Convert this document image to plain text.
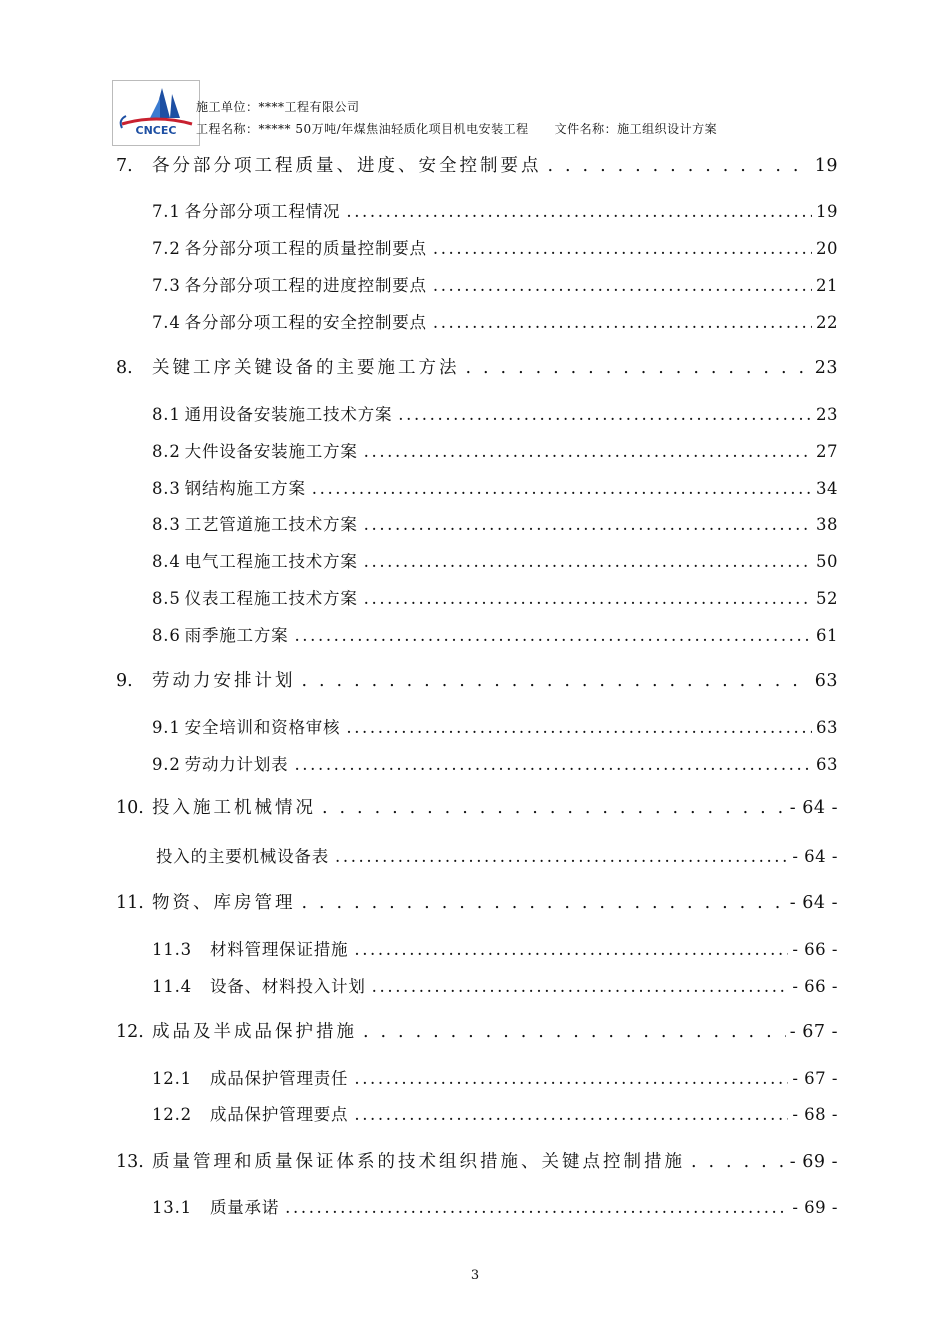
CNCEC
施工单位：****工程有限公司
工程名称：***** 50万吨/年煤焦油轻质化项目机电安装工程 文件名称：施工组织设计方案
7.	各分部分项工程质量、进度、安全控制要点 . . .	19
7.1 各分部分项工程情况 .....	19
7.2 各分部分项工程的质量控制要点 .....	20
7.3 各分部分项工程的进度控制要点 .....	21
7.4 各分部分项工程的安全控制要点 .....	22
8.	关键工序关键设备的主要施工方法 . . .	23
8.1 通用设备安装施工技术方案 .....	23
8.2 大件设备安装施工方案 .....	27
8.3 钢结构施工方案 .....	34
8.3 工艺管道施工技术方案 .....	38
8.4 电气工程施工技术方案 .....	50
8.5 仪表工程施工技术方案 .....	52
8.6 雨季施工方案 .....	61
9.	劳动力安排计划 . . .	63
9.1 安全培训和资格审核 .....	63
9.2 劳动力计划表 .....	63
10. 投入施工机械情况 . . .	- 64 -
投入的主要机械设备表 .....	- 64 -
11. 物资、库房管理 . . .	- 64 -
11.3 材料管理保证措施 .....	- 66 -
11.4 设备、材料投入计划 .....	- 66 -
12. 成品及半成品保护措施 . . .	- 67 -
12.1 成品保护管理责任 .....	- 67 -
12.2 成品保护管理要点 .....	- 68 -
13. 质量管理和质量保证体系的技术组织措施、关键点控制措施 . . .	- 69 -
13.1 质量承诺 .....	- 69 -
3
